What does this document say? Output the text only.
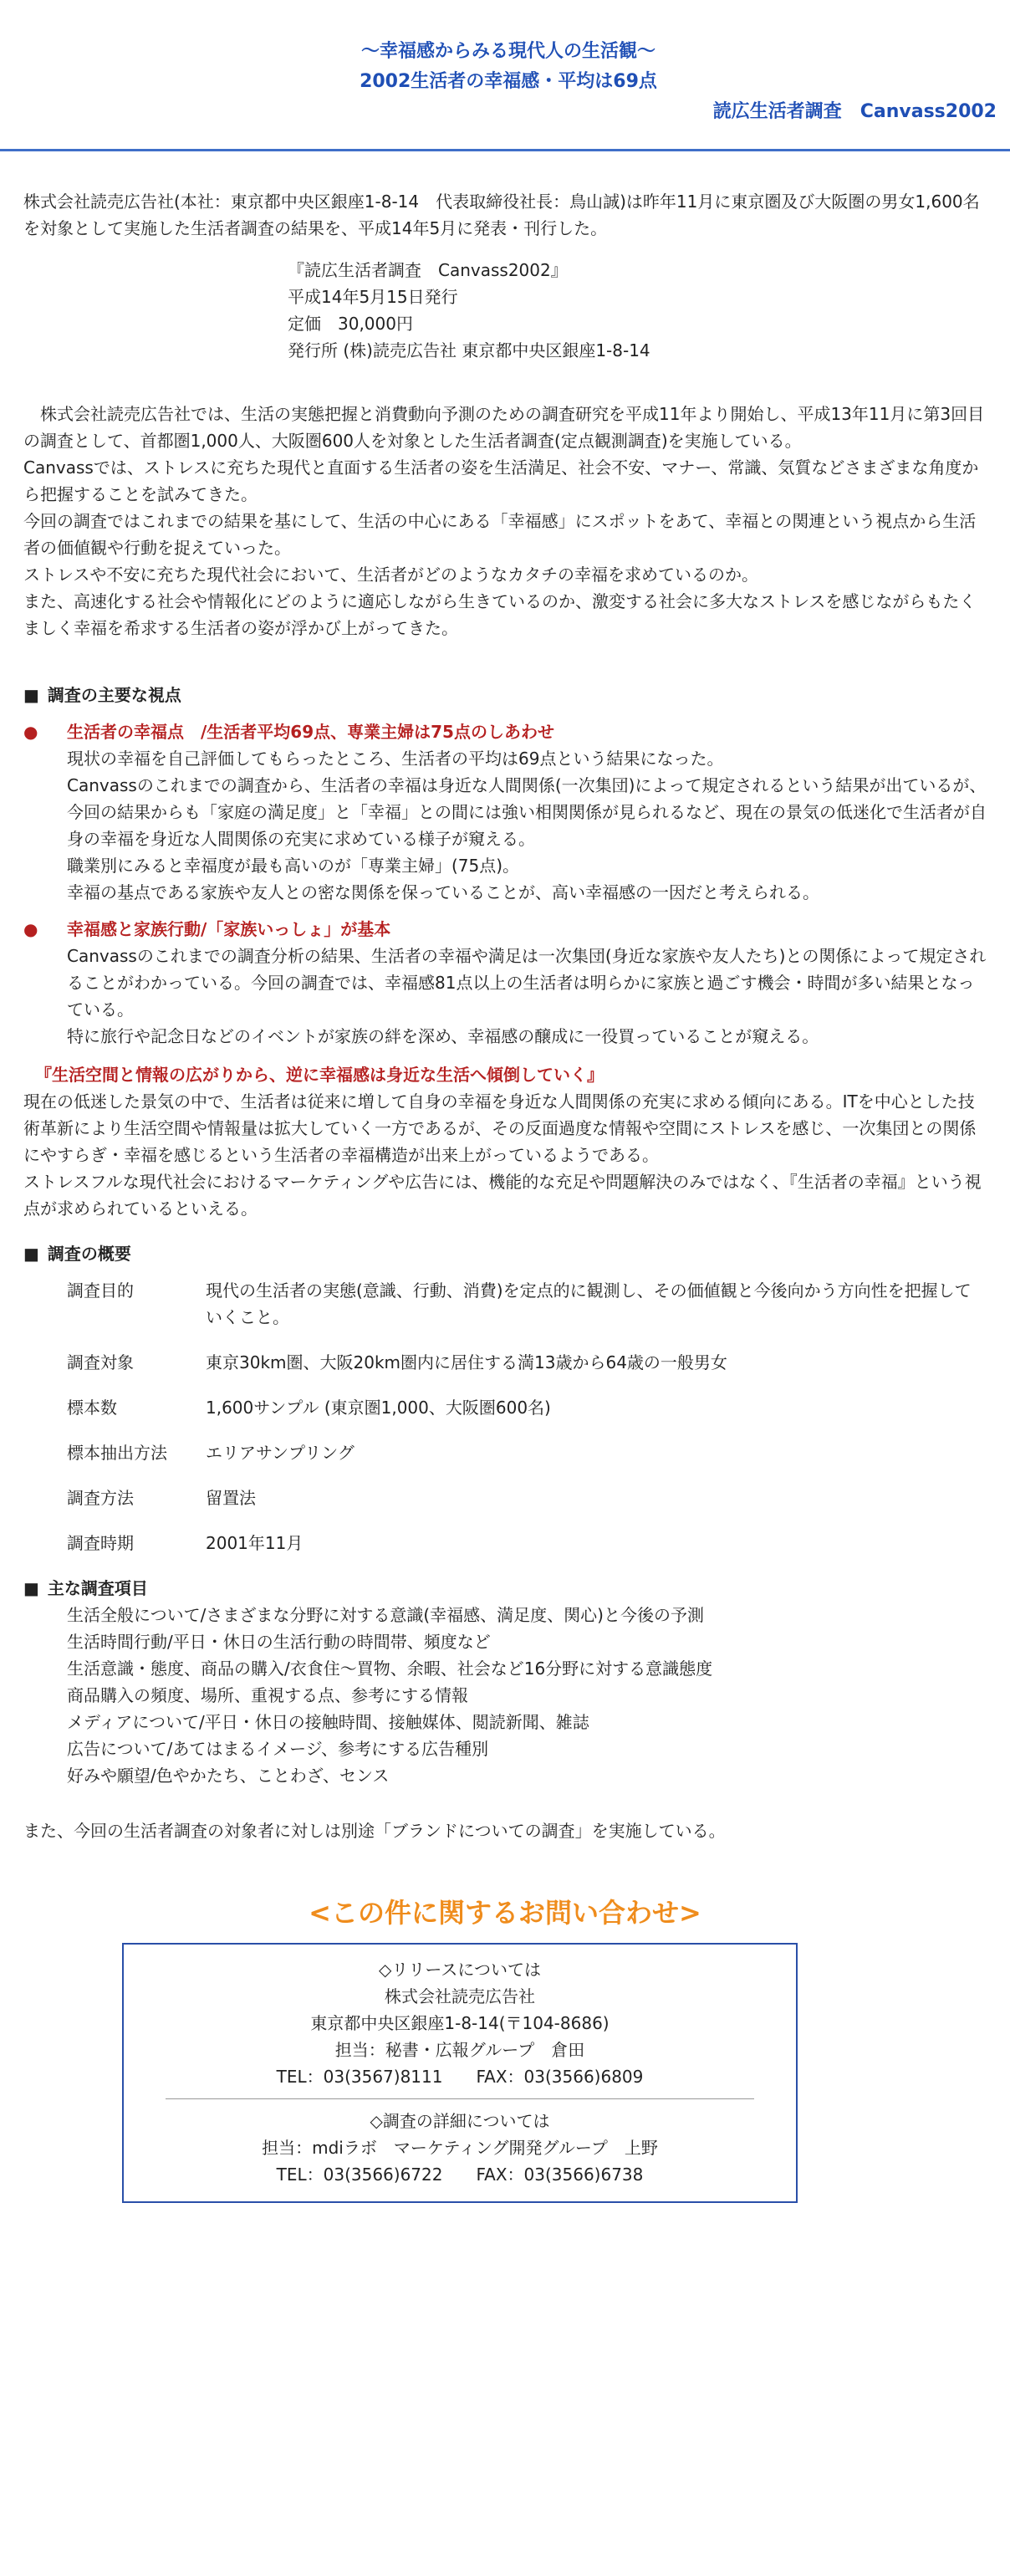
〜幸福感からみる現代人の生活観〜
2002生活者の幸福感・平均は69点
読広生活者調査　Canvass2002

株式会社読売広告社(本社：東京都中央区銀座1-8-14　代表取締役社長：鳥山誠)は昨年11月に東京圏及び大阪圏の男女1,600名を対象として実施した生活者調査の結果を、平成14年5月に発表・刊行した。

『読広生活者調査　Canvass2002』
平成14年5月15日発行
定価　30,000円
発行所 (株)読売広告社 東京都中央区銀座1-8-14

　株式会社読売広告社では、生活の実態把握と消費動向予測のための調査研究を平成11年より開始し、平成13年11月に第3回目の調査として、首都圏1,000人、大阪圏600人を対象とした生活者調査(定点観測調査)を実施している。

Canvassでは、ストレスに充ちた現代と直面する生活者の姿を生活満足、社会不安、マナー、常識、気質などさまざまな角度から把握することを試みてきた。

今回の調査ではこれまでの結果を基にして、生活の中心にある「幸福感」にスポットをあて、幸福との関連という視点から生活者の価値観や行動を捉えていった。

ストレスや不安に充ちた現代社会において、生活者がどのようなカタチの幸福を求めているのか。

また、高速化する社会や情報化にどのように適応しながら生きているのか、激変する社会に多大なストレスを感じながらもたくましく幸福を希求する生活者の姿が浮かび上がってきた。

■ 調査の主要な視点
●	生活者の幸福点　/生活者平均69点、専業主婦は75点のしあわせ

現状の幸福を自己評価してもらったところ、生活者の平均は69点という結果になった。

Canvassのこれまでの調査から、生活者の幸福は身近な人間関係(一次集団)によって規定されるという結果が出ているが、今回の結果からも「家庭の満足度」と「幸福」との間には強い相関関係が見られるなど、現在の景気の低迷化で生活者が自身の幸福を身近な人間関係の充実に求めている様子が窺える。

職業別にみると幸福度が最も高いのが「専業主婦」(75点)。

幸福の基点である家族や友人との密な関係を保っていることが、高い幸福感の一因だと考えられる。

●	幸福感と家族行動/「家族いっしょ」が基本

Canvassのこれまでの調査分析の結果、生活者の幸福や満足は一次集団(身近な家族や友人たち)との関係によって規定されることがわかっている。今回の調査では、幸福感81点以上の生活者は明らかに家族と過ごす機会・時間が多い結果となっている。

特に旅行や記念日などのイベントが家族の絆を深め、幸福感の醸成に一役買っていることが窺える。

『生活空間と情報の広がりから、逆に幸福感は身近な生活へ傾倒していく』

現在の低迷した景気の中で、生活者は従来に増して自身の幸福を身近な人間関係の充実に求める傾向にある。ITを中心とした技術革新により生活空間や情報量は拡大していく一方であるが、その反面過度な情報や空間にストレスを感じ、一次集団との関係にやすらぎ・幸福を感じるという生活者の幸福構造が出来上がっているようである。

ストレスフルな現代社会におけるマーケティングや広告には、機能的な充足や問題解決のみではなく、『生活者の幸福』という視点が求められているといえる。

■ 調査の概要
調査目的	現代の生活者の実態(意識、行動、消費)を定点的に観測し、その価値観と今後向かう方向性を把握していくこと。
調査対象	東京30km圏、大阪20km圏内に居住する満13歳から64歳の一般男女
標本数	1,600サンプル (東京圏1,000、大阪圏600名)
標本抽出方法	エリアサンプリング
調査方法	留置法
調査時期	2001年11月
■ 主な調査項目
生活全般について/さまざまな分野に対する意識(幸福感、満足度、関心)と今後の予測
生活時間行動/平日・休日の生活行動の時間帯、頻度など
生活意識・態度、商品の購入/衣食住〜買物、余暇、社会など16分野に対する意識態度
商品購入の頻度、場所、重視する点、参考にする情報
メディアについて/平日・休日の接触時間、接触媒体、閲読新聞、雑誌
広告について/あてはまるイメージ、参考にする広告種別
好みや願望/色やかたち、ことわざ、センス

また、今回の生活者調査の対象者に対しは別途「ブランドについての調査」を実施している。

<この件に関するお問い合わせ>
◇リリースについては
株式会社読売広告社
東京都中央区銀座1-8-14(〒104-8686)
担当：秘書・広報グループ　倉田
TEL：03(3567)8111　　FAX：03(3566)6809
◇調査の詳細については
担当：mdiラボ　マーケティング開発グループ　上野
TEL：03(3566)6722　　FAX：03(3566)6738
